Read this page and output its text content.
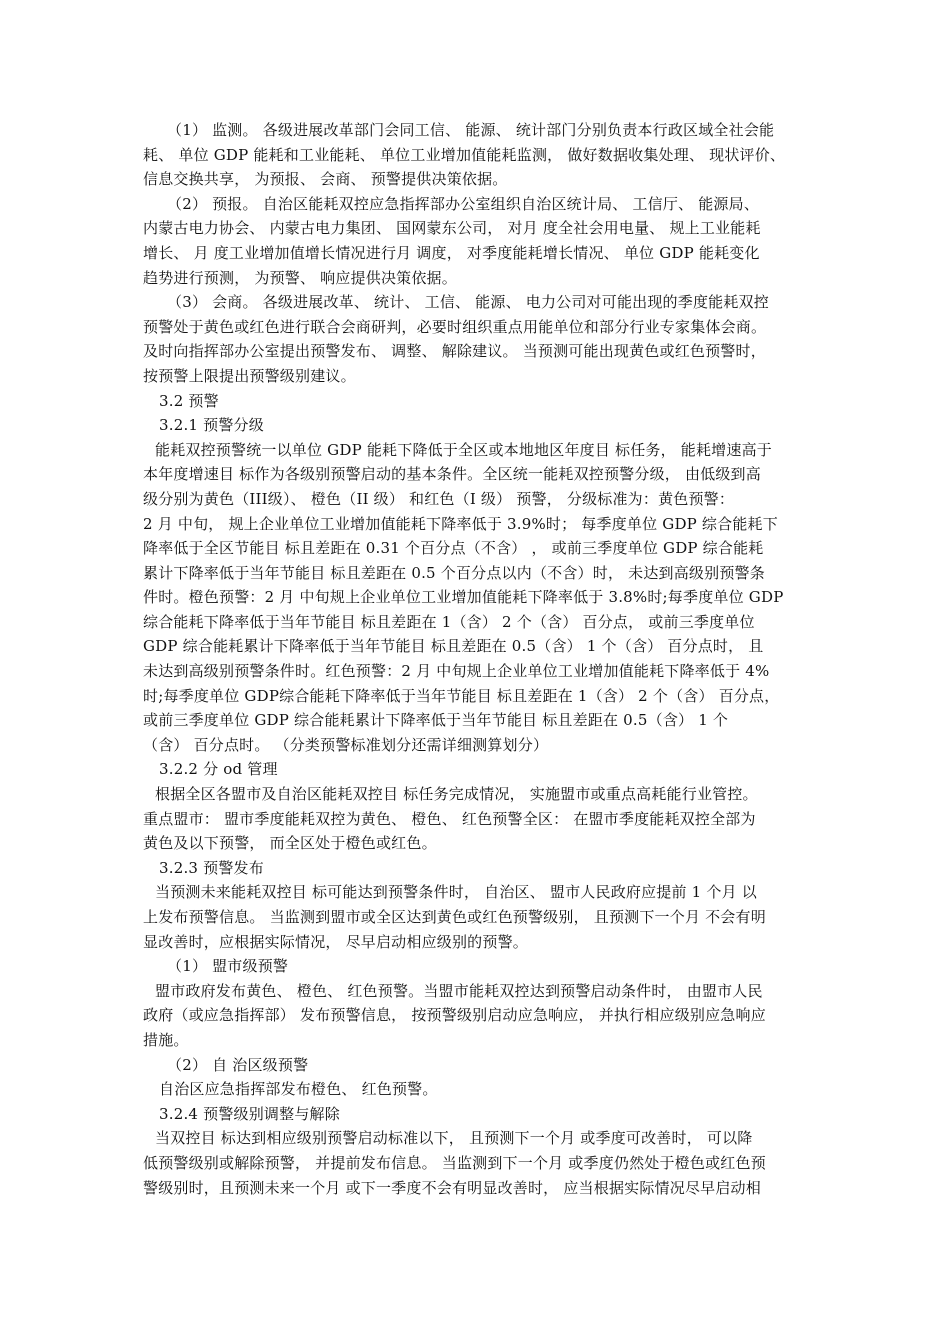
（1） 监测。 各级进展改革部门会同工信、 能源、 统计部门分别负责本行政区域全社会能
耗、 单位 GDP 能耗和工业能耗、 单位工业增加值能耗监测， 做好数据收集处理、 现状评价、
信息交换共享， 为预报、 会商、 预警提供决策依据。
（2） 预报。 自治区能耗双控应急指挥部办公室组织自治区统计局、 工信厅、 能源局、
内蒙古电力协会、 内蒙古电力集团、 国网蒙东公司， 对月 度全社会用电量、 规上工业能耗
增长、 月 度工业增加值增长情况进行月 调度， 对季度能耗增长情况、 单位 GDP 能耗变化
趋势进行预测， 为预警、 响应提供决策依据。
（3） 会商。 各级进展改革、 统计、 工信、 能源、 电力公司对可能出现的季度能耗双控
预警处于黄色或红色进行联合会商研判，必要时组织重点用能单位和部分行业专家集体会商。
及时向指挥部办公室提出预警发布、 调整、 解除建议。 当预测可能出现黄色或红色预警时，
按预警上限提出预警级别建议。
3.2 预警
3.2.1 预警分级
能耗双控预警统一以单位 GDP 能耗下降低于全区或本地地区年度目 标任务， 能耗增速高于
本年度增速目 标作为各级别预警启动的基本条件。全区统一能耗双控预警分级， 由低级到高
级分别为黄色（III级）、 橙色（II 级） 和红色（I 级） 预警， 分级标准为：黄色预警：
2 月 中旬， 规上企业单位工业增加值能耗下降率低于 3.9%时； 每季度单位 GDP 综合能耗下
降率低于全区节能目 标且差距在 0.31 个百分点（不含） ， 或前三季度单位 GDP 综合能耗
累计下降率低于当年节能目 标且差距在 0.5 个百分点以内（不含）时， 未达到高级别预警条
件时。橙色预警：2 月 中旬规上企业单位工业增加值能耗下降率低于 3.8%时;每季度单位 GDP
综合能耗下降率低于当年节能目 标且差距在 1（含） 2 个（含） 百分点， 或前三季度单位
GDP 综合能耗累计下降率低于当年节能目 标且差距在 0.5（含） 1 个（含） 百分点时， 且
未达到高级别预警条件时。红色预警：2 月 中旬规上企业单位工业增加值能耗下降率低于 4%
时;每季度单位 GDP综合能耗下降率低于当年节能目 标且差距在 1（含） 2 个（含） 百分点，
或前三季度单位 GDP 综合能耗累计下降率低于当年节能目 标且差距在 0.5（含） 1 个
（含） 百分点时。 （分类预警标准划分还需详细测算划分）
3.2.2 分 od 管理
根据全区各盟市及自治区能耗双控目 标任务完成情况， 实施盟市或重点高耗能行业管控。
重点盟市： 盟市季度能耗双控为黄色、 橙色、 红色预警全区： 在盟市季度能耗双控全部为
黄色及以下预警， 而全区处于橙色或红色。
3.2.3 预警发布
当预测未来能耗双控目 标可能达到预警条件时， 自治区、 盟市人民政府应提前 1 个月 以
上发布预警信息。 当监测到盟市或全区达到黄色或红色预警级别， 且预测下一个月 不会有明
显改善时，应根据实际情况， 尽早启动相应级别的预警。
（1） 盟市级预警
盟市政府发布黄色、 橙色、 红色预警。当盟市能耗双控达到预警启动条件时， 由盟市人民
政府（或应急指挥部） 发布预警信息， 按预警级别启动应急响应， 并执行相应级别应急响应
措施。
（2） 自 治区级预警
自治区应急指挥部发布橙色、 红色预警。
3.2.4 预警级别调整与解除
当双控目 标达到相应级别预警启动标准以下， 且预测下一个月 或季度可改善时， 可以降
低预警级别或解除预警， 并提前发布信息。 当监测到下一个月 或季度仍然处于橙色或红色预
警级别时，且预测未来一个月 或下一季度不会有明显改善时， 应当根据实际情况尽早启动相
